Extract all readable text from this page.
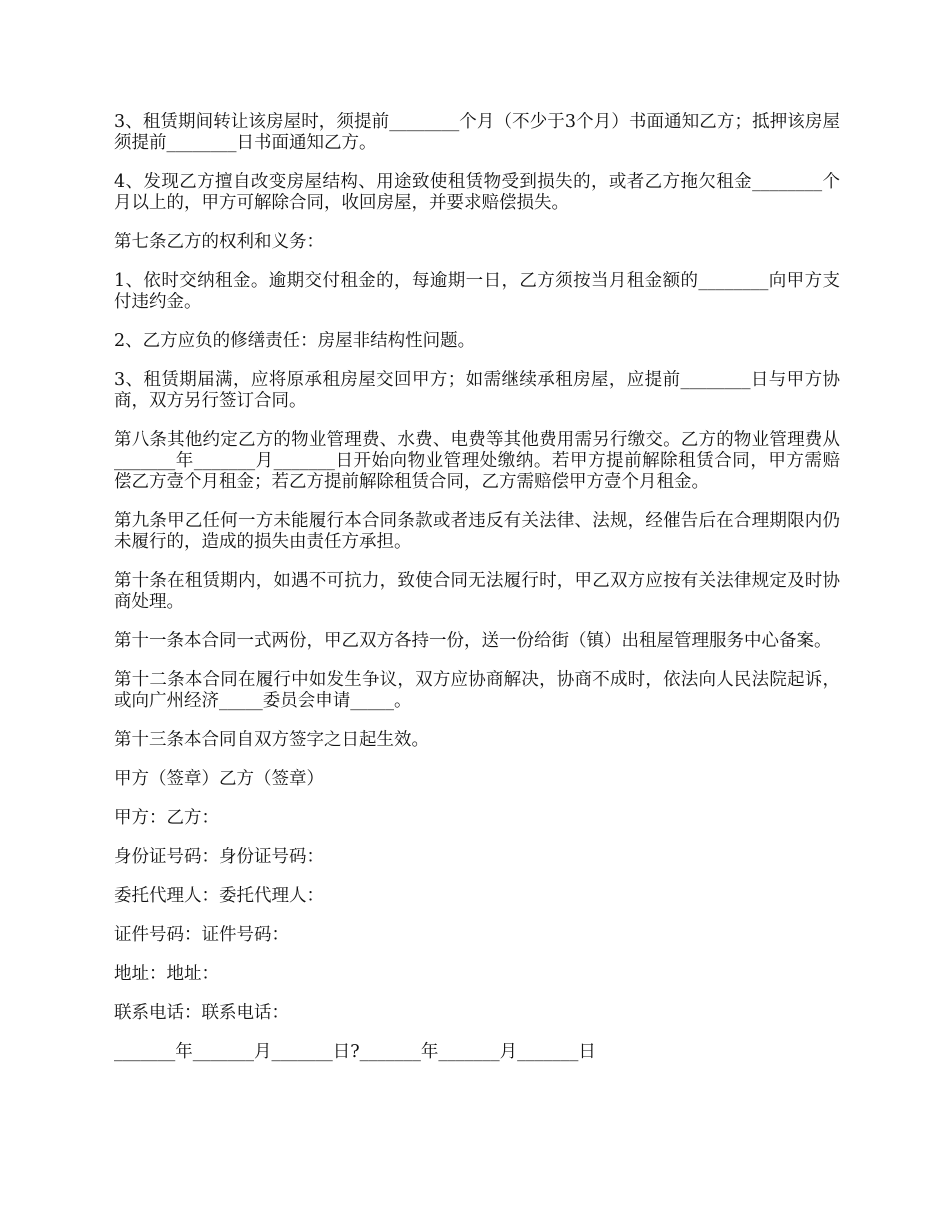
3、租赁期间转让该房屋时，须提前________个月（不少于3个月）书面通知乙方；抵押该房屋须提前________日书面通知乙方。

4、发现乙方擅自改变房屋结构、用途致使租赁物受到损失的，或者乙方拖欠租金________个月以上的，甲方可解除合同，收回房屋，并要求赔偿损失。

第七条乙方的权利和义务：

1、依时交纳租金。逾期交付租金的，每逾期一日，乙方须按当月租金额的________向甲方支付违约金。

2、乙方应负的修缮责任：房屋非结构性问题。

3、租赁期届满，应将原承租房屋交回甲方；如需继续承租房屋，应提前________日与甲方协商，双方另行签订合同。

第八条其他约定乙方的物业管理费、水费、电费等其他费用需另行缴交。乙方的物业管理费从_______年_______月_______日开始向物业管理处缴纳。若甲方提前解除租赁合同，甲方需赔偿乙方壹个月租金；若乙方提前解除租赁合同，乙方需赔偿甲方壹个月租金。

第九条甲乙任何一方未能履行本合同条款或者违反有关法律、法规，经催告后在合理期限内仍未履行的，造成的损失由责任方承担。

第十条在租赁期内，如遇不可抗力，致使合同无法履行时，甲乙双方应按有关法律规定及时协商处理。

第十一条本合同一式两份，甲乙双方各持一份，送一份给街（镇）出租屋管理服务中心备案。

第十二条本合同在履行中如发生争议，双方应协商解决，协商不成时，依法向人民法院起诉，或向广州经济_____委员会申请_____。

第十三条本合同自双方签字之日起生效。

甲方（签章）乙方（签章）

甲方：乙方：

身份证号码：身份证号码：

委托代理人：委托代理人：

证件号码：证件号码：

地址：地址：

联系电话：联系电话：

_______年_______月_______日?_______年_______月_______日
